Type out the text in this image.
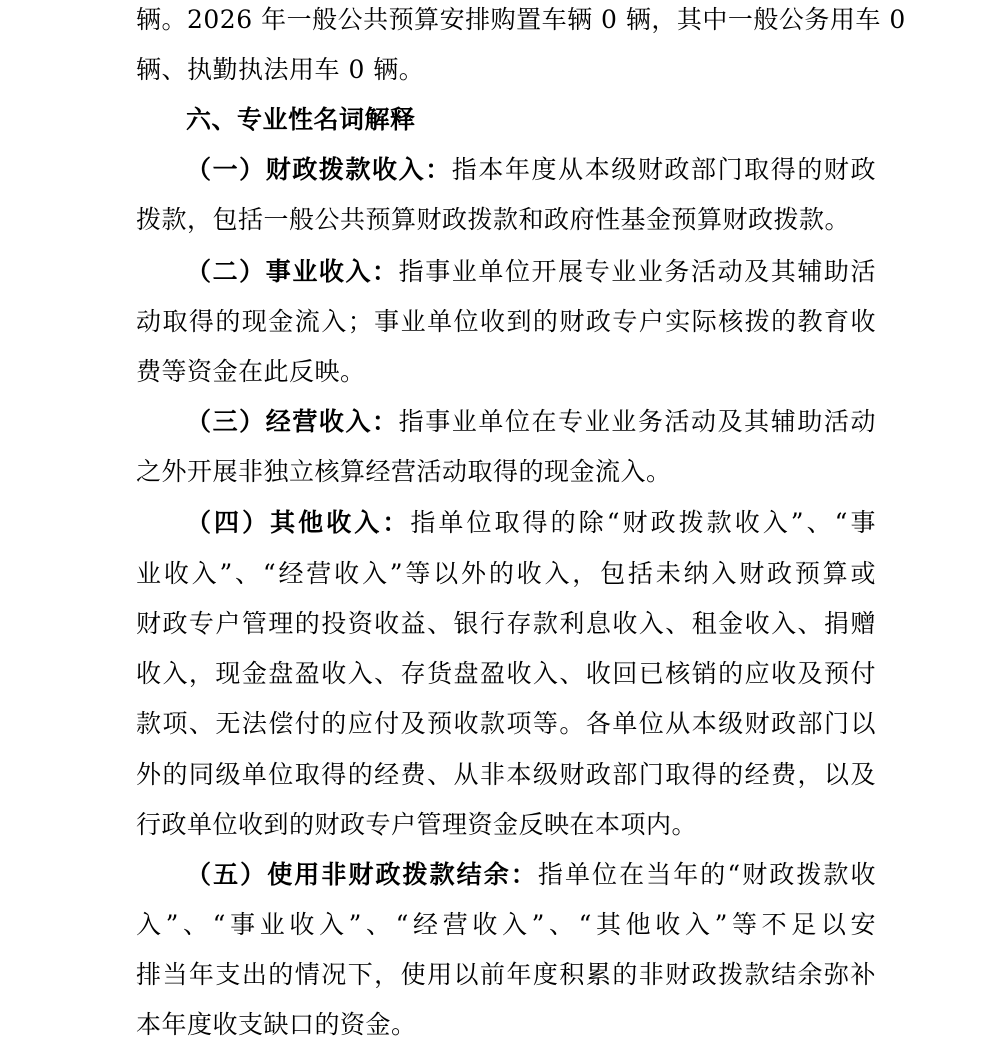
辆。2026 年一般公共预算安排购置车辆 0 辆，其中一般公务用车 0
辆、执勤执法用车 0 辆。
六、专业性名词解释
（一）财政拨款收入：指本年度从本级财政部门取得的财政
拨款，包括一般公共预算财政拨款和政府性基金预算财政拨款。
（二）事业收入：指事业单位开展专业业务活动及其辅助活
动取得的现金流入；事业单位收到的财政专户实际核拨的教育收
费等资金在此反映。
（三）经营收入：指事业单位在专业业务活动及其辅助活动
之外开展非独立核算经营活动取得的现金流入。
（四）其他收入：指单位取得的除“财政拨款收入”、“事
业收入”、“经营收入”等以外的收入，包括未纳入财政预算或
财政专户管理的投资收益、银行存款利息收入、租金收入、捐赠
收入，现金盘盈收入、存货盘盈收入、收回已核销的应收及预付
款项、无法偿付的应付及预收款项等。各单位从本级财政部门以
外的同级单位取得的经费、从非本级财政部门取得的经费，以及
行政单位收到的财政专户管理资金反映在本项内。
（五）使用非财政拨款结余：指单位在当年的“财政拨款收
入”、“事业收入”、“经营收入”、“其他收入”等不足以安
排当年支出的情况下，使用以前年度积累的非财政拨款结余弥补
本年度收支缺口的资金。
